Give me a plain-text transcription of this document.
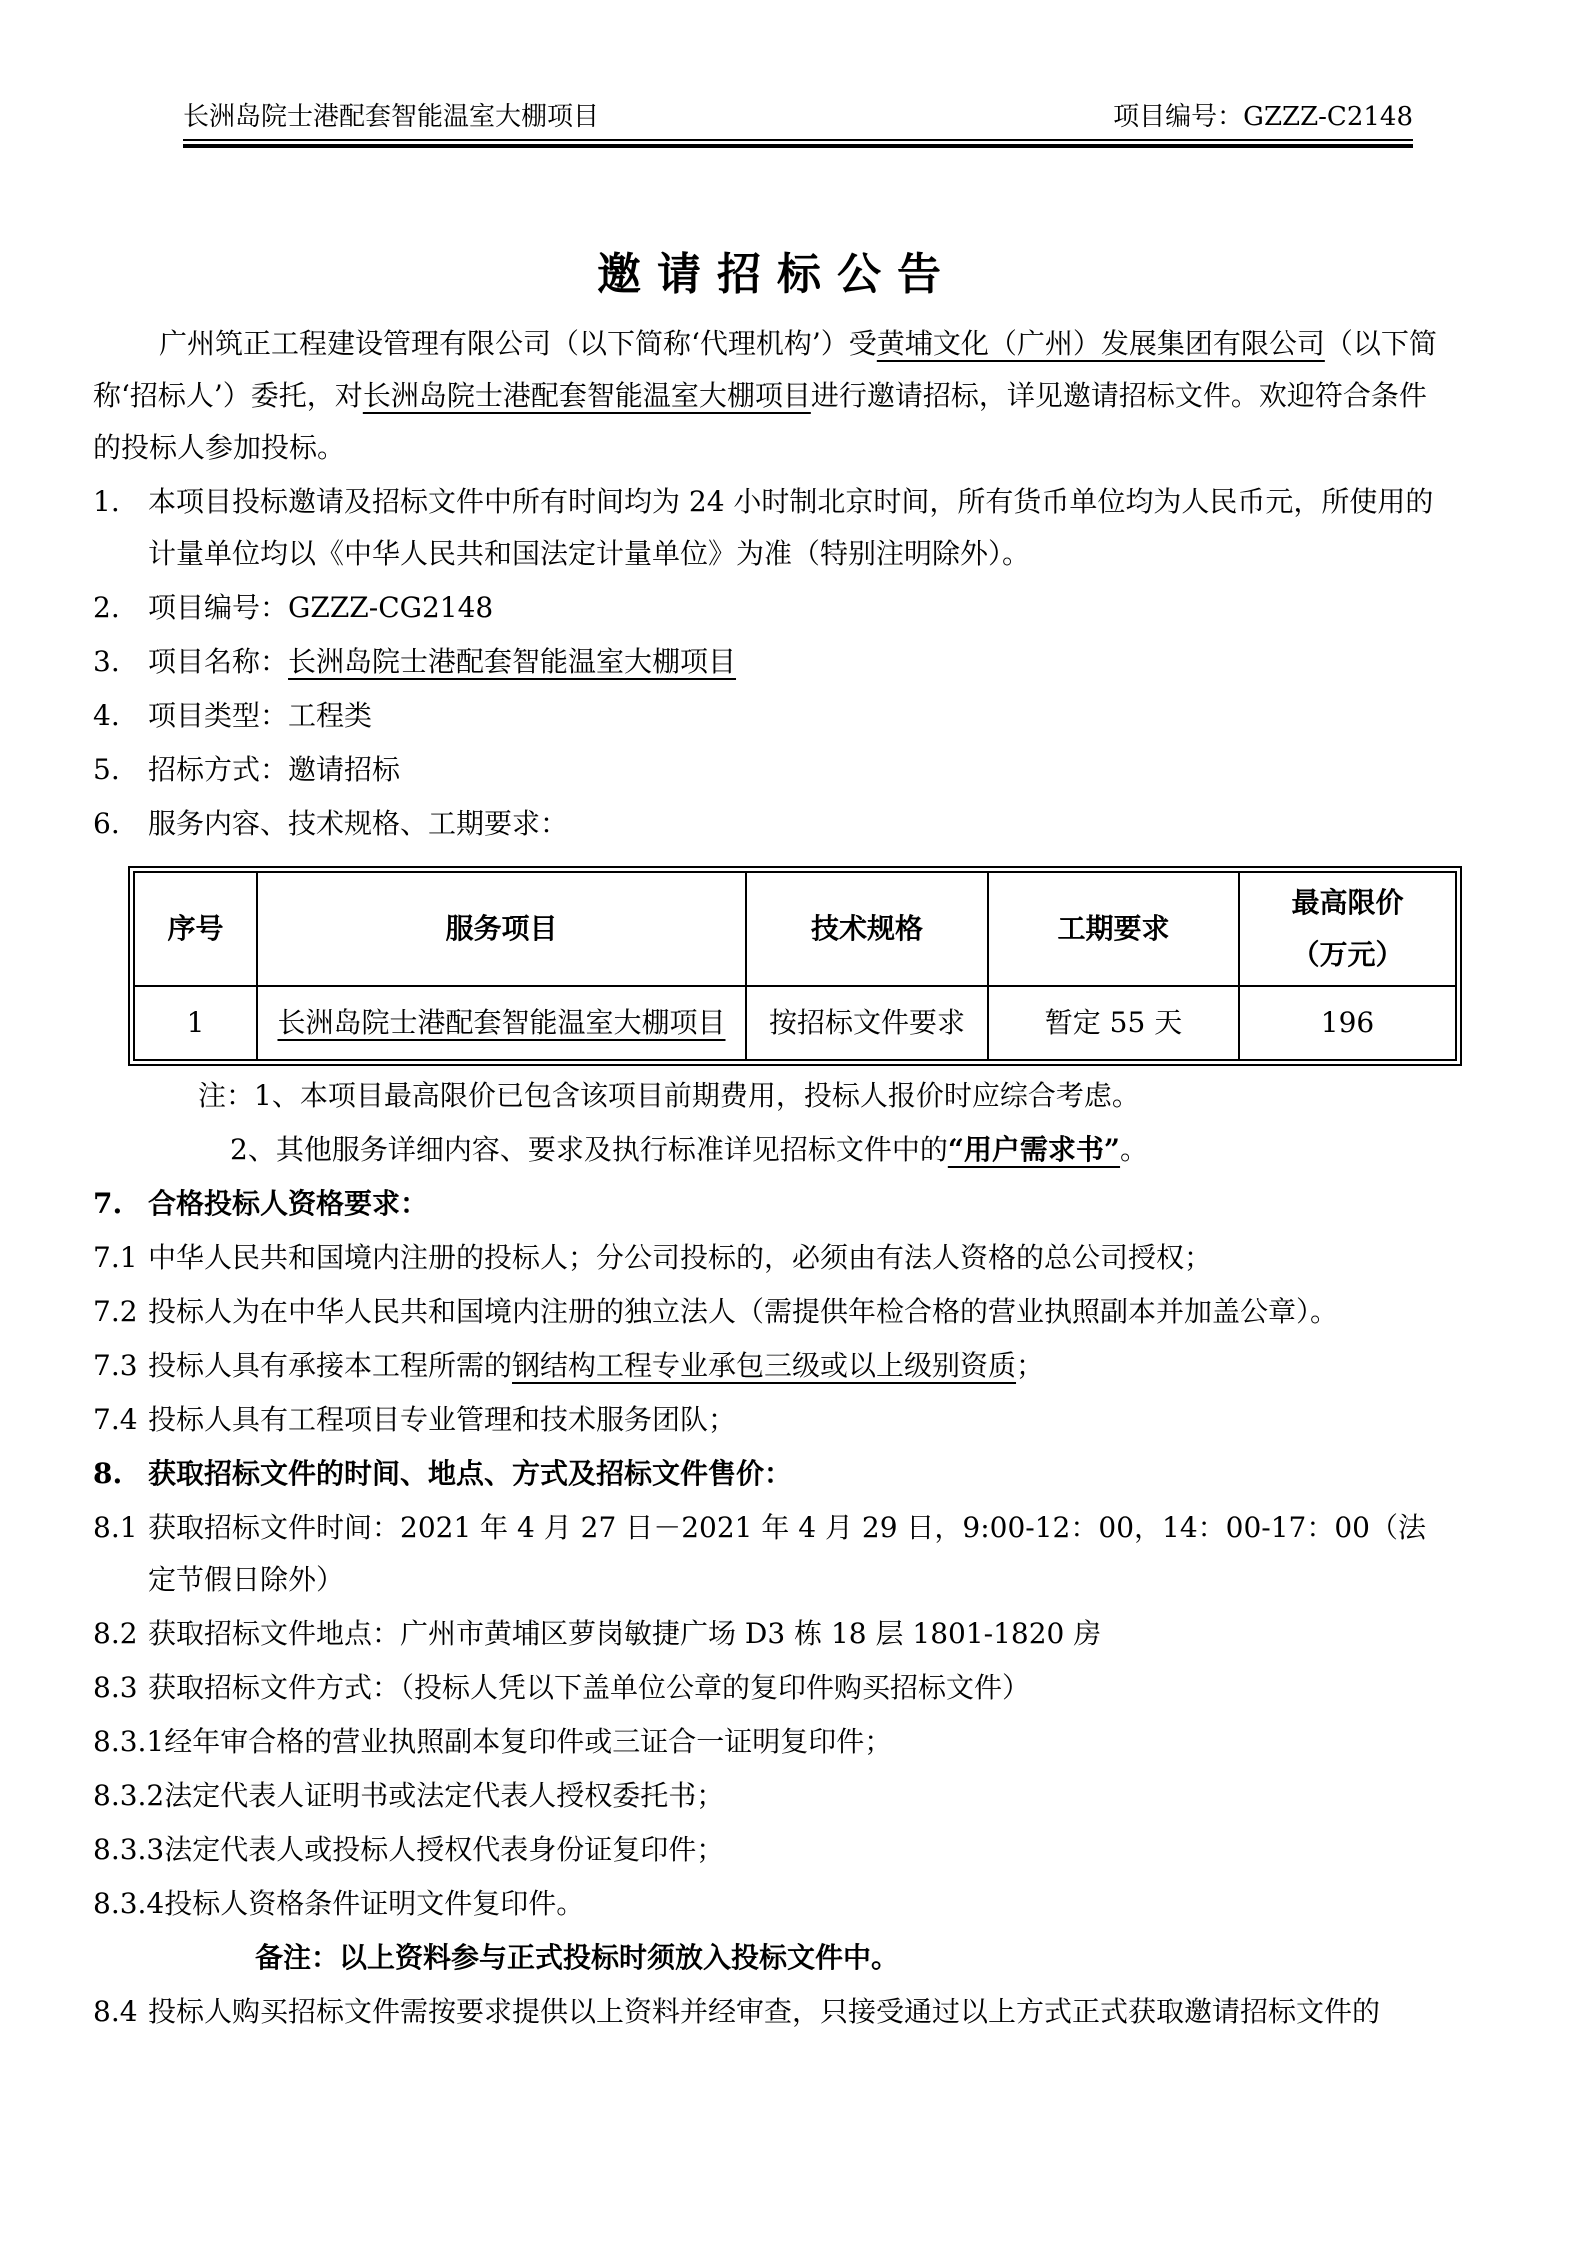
长洲岛院士港配套智能温室大棚项目	项目编号：GZZZ-C2148
邀请招标公告

广州筑正工程建设管理有限公司（以下简称‘代理机构’）受黄埔文化（广州）发展集团有限公司（以下简称‘招标人’）委托，对长洲岛院士港配套智能温室大棚项目进行邀请招标，详见邀请招标文件。欢迎符合条件的投标人参加投标。

1. 本项目投标邀请及招标文件中所有时间均为 24 小时制北京时间，所有货币单位均为人民币元，所使用的计量单位均以《中华人民共和国法定计量单位》为准（特别注明除外）。

2. 项目编号：GZZZ-CG2148

3. 项目名称：长洲岛院士港配套智能温室大棚项目

4. 项目类型：工程类

5. 招标方式：邀请招标

6. 服务内容、技术规格、工期要求：

序号	服务项目	技术规格	工期要求	最高限价
（万元）

1	长洲岛院士港配套智能温室大棚项目	按招标文件要求	暂定 55 天	196

注：1、本项目最高限价已包含该项目前期费用，投标人报价时应综合考虑。

2、其他服务详细内容、要求及执行标准详见招标文件中的“用户需求书”。

7. 合格投标人资格要求：

7.1 中华人民共和国境内注册的投标人；分公司投标的，必须由有法人资格的总公司授权；

7.2 投标人为在中华人民共和国境内注册的独立法人（需提供年检合格的营业执照副本并加盖公章）。

7.3 投标人具有承接本工程所需的钢结构工程专业承包三级或以上级别资质；

7.4 投标人具有工程项目专业管理和技术服务团队；

8. 获取招标文件的时间、地点、方式及招标文件售价：

8.1 获取招标文件时间：2021 年 4 月 27 日－2021 年 4 月 29 日，9:00-12：00，14：00-17：00（法定节假日除外）

8.2 获取招标文件地点：广州市黄埔区萝岗敏捷广场 D3 栋 18 层 1801-1820 房

8.3 获取招标文件方式：（投标人凭以下盖单位公章的复印件购买招标文件）

8.3.1经年审合格的营业执照副本复印件或三证合一证明复印件；

8.3.2法定代表人证明书或法定代表人授权委托书；

8.3.3法定代表人或投标人授权代表身份证复印件；

8.3.4投标人资格条件证明文件复印件。

备注：以上资料参与正式投标时须放入投标文件中。

8.4 投标人购买招标文件需按要求提供以上资料并经审查，只接受通过以上方式正式获取邀请招标文件的
